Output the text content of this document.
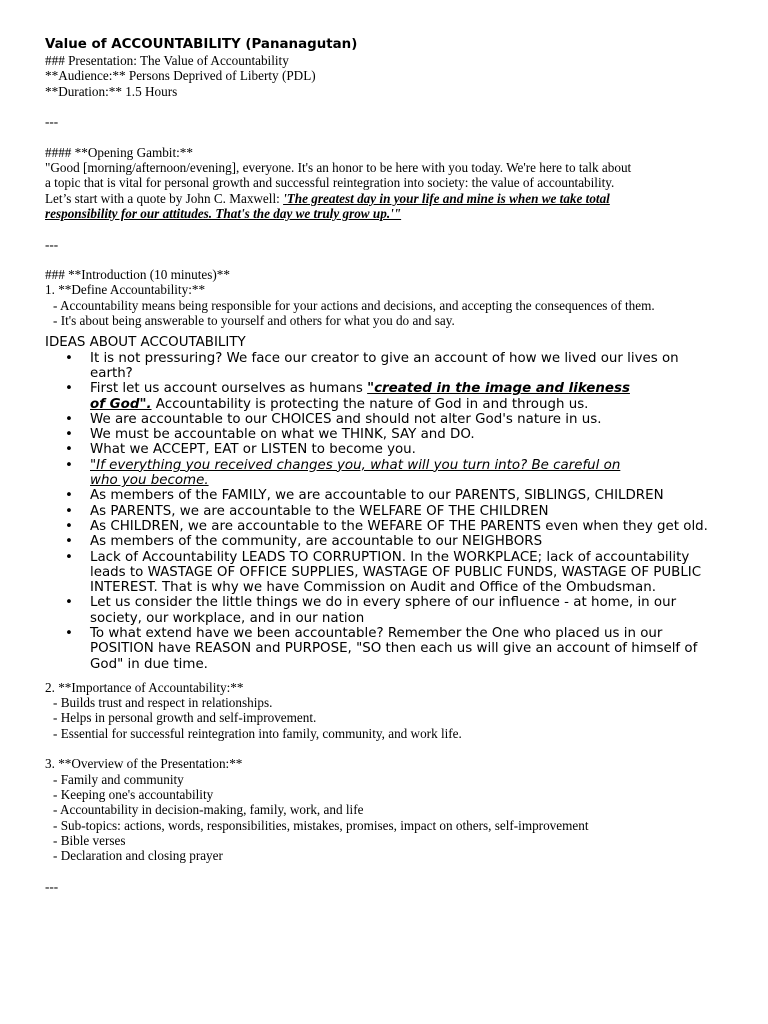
Value of ACCOUNTABILITY (Pananagutan)
### Presentation: The Value of Accountability
**Audience:** Persons Deprived of Liberty (PDL)
**Duration:** 1.5 Hours
---
#### **Opening Gambit:**
"Good [morning/afternoon/evening], everyone. It's an honor to be here with you today. We're here to talk about
a topic that is vital for personal growth and successful reintegration into society: the value of accountability.
Let’s start with a quote by John C. Maxwell: 'The greatest day in your life and mine is when we take total
responsibility for our attitudes. That's the day we truly grow up.'"
---
### **Introduction (10 minutes)**
1. **Define Accountability:**
- Accountability means being responsible for your actions and decisions, and accepting the consequences of them.
- It's about being answerable to yourself and others for what you do and say.
IDEAS ABOUT ACCOUTABILITY
• It is not pressuring? We face our creator to give an account of how we lived our lives on earth?
• First let us account ourselves as humans "created in the image and likeness
of God". Accountability is protecting the nature of God in and through us.
• We are accountable to our CHOICES and should not alter God's nature in us.
• We must be accountable on what we THINK, SAY and DO.
• What we ACCEPT, EAT or LISTEN to become you.
• "If everything you received changes you, what will you turn into? Be careful on
who you become.
• As members of the FAMILY, we are accountable to our PARENTS, SIBLINGS, CHILDREN
• As PARENTS, we are accountable to the WELFARE OF THE CHILDREN
• As CHILDREN, we are accountable to the WEFARE OF THE PARENTS even when they get old.
• As members of the community, are accountable to our NEIGHBORS
• Lack of Accountability LEADS TO CORRUPTION. In the WORKPLACE; lack of accountability leads to WASTAGE OF OFFICE SUPPLIES, WASTAGE OF PUBLIC FUNDS, WASTAGE OF PUBLIC INTEREST. That is why we have Commission on Audit and Office of the Ombudsman.
• Let us consider the little things we do in every sphere of our influence - at home, in our society, our workplace, and in our nation
• To what extend have we been accountable? Remember the One who placed us in our POSITION have REASON and PURPOSE, "SO then each us will give an account of himself of God" in due time.
2. **Importance of Accountability:**
- Builds trust and respect in relationships.
- Helps in personal growth and self-improvement.
- Essential for successful reintegration into family, community, and work life.
3. **Overview of the Presentation:**
- Family and community
- Keeping one's accountability
- Accountability in decision-making, family, work, and life
- Sub-topics: actions, words, responsibilities, mistakes, promises, impact on others, self-improvement
- Bible verses
- Declaration and closing prayer
---
